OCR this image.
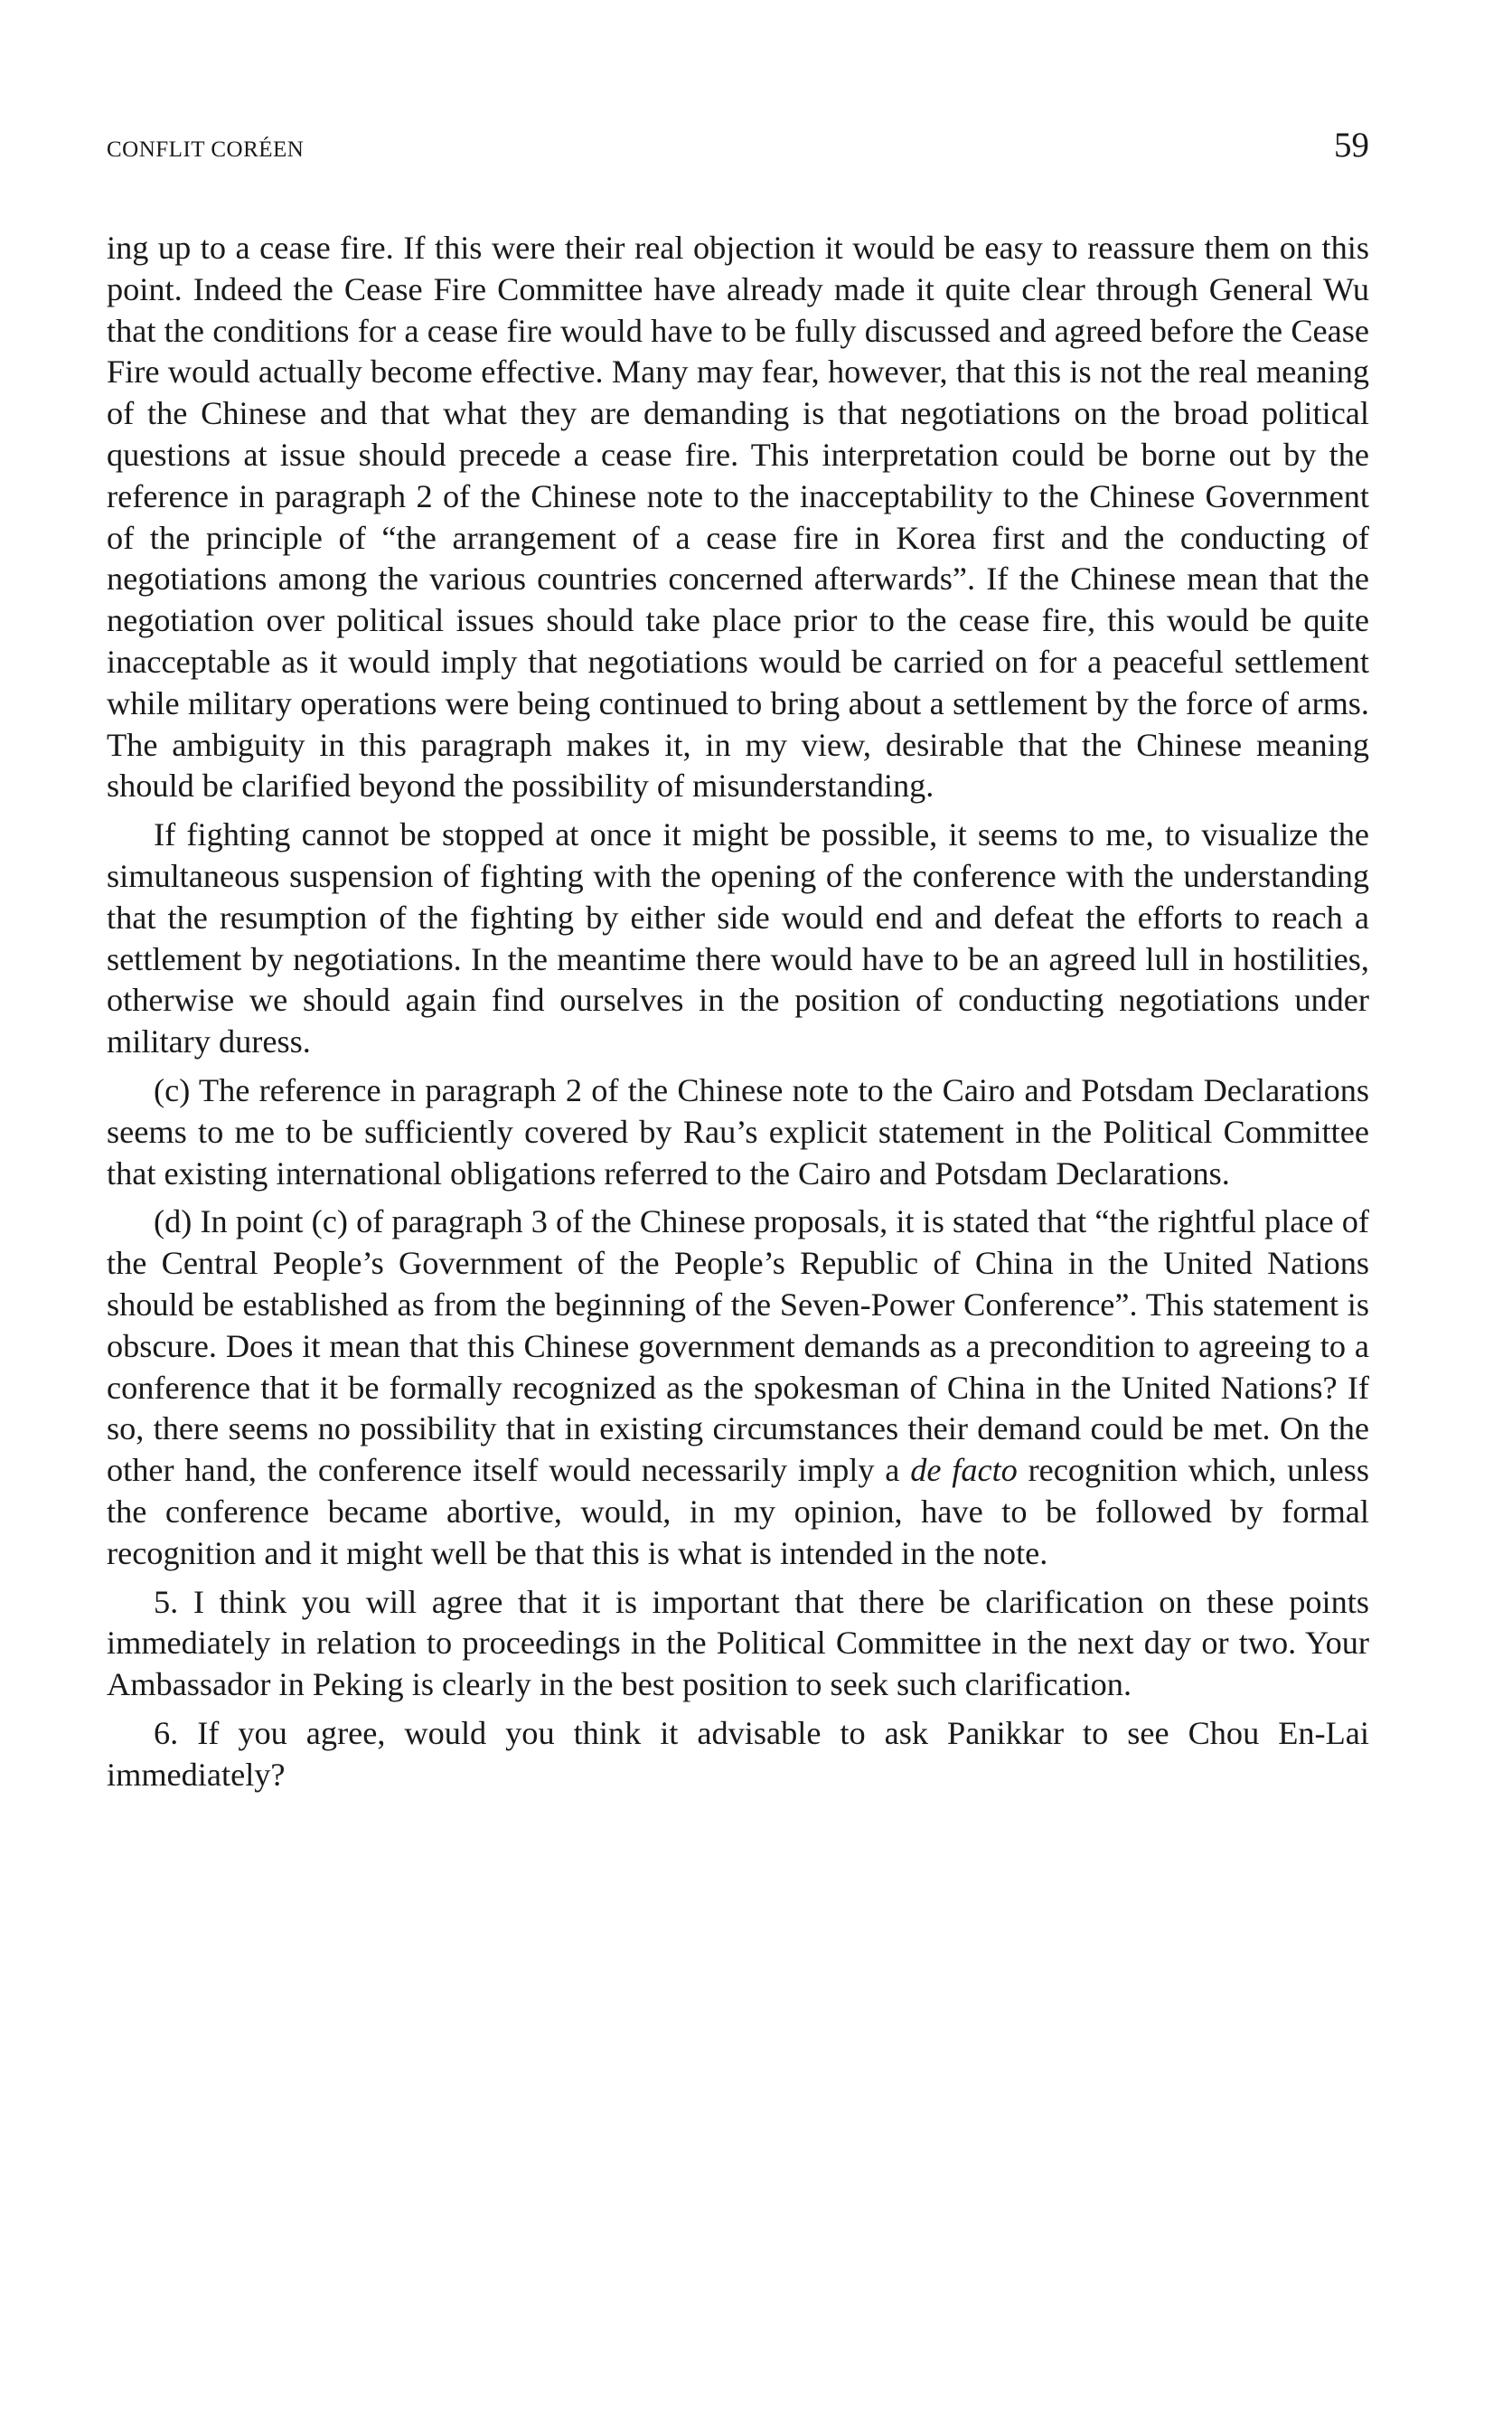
CONFLIT CORÉEN	59

ing up to a cease fire. If this were their real objection it would be easy to reassure them on this point. Indeed the Cease Fire Committee have already made it quite clear through General Wu that the conditions for a cease fire would have to be fully discussed and agreed before the Cease Fire would actually become effective. Many may fear, however, that this is not the real meaning of the Chinese and that what they are demanding is that negotiations on the broad political questions at issue should precede a cease fire. This interpretation could be borne out by the reference in paragraph 2 of the Chinese note to the inacceptability to the Chinese Government of the principle of “the arrangement of a cease fire in Korea first and the conducting of negotiations among the various countries concerned afterwards”. If the Chinese mean that the negotiation over political issues should take place prior to the cease fire, this would be quite inacceptable as it would imply that negotiations would be carried on for a peaceful settlement while military operations were being continued to bring about a settlement by the force of arms. The ambiguity in this paragraph makes it, in my view, desirable that the Chinese meaning should be clarified beyond the possibility of misunderstanding.

If fighting cannot be stopped at once it might be possible, it seems to me, to visualize the simultaneous suspension of fighting with the opening of the conference with the understanding that the resumption of the fighting by either side would end and defeat the efforts to reach a settlement by negotiations. In the meantime there would have to be an agreed lull in hostilities, otherwise we should again find ourselves in the position of conducting negotiations under military duress.

(c) The reference in paragraph 2 of the Chinese note to the Cairo and Potsdam Declarations seems to me to be sufficiently covered by Rau’s explicit statement in the Political Committee that existing international obligations referred to the Cairo and Potsdam Declarations.

(d) In point (c) of paragraph 3 of the Chinese proposals, it is stated that “the rightful place of the Central People’s Government of the People’s Republic of China in the United Nations should be established as from the beginning of the Seven-Power Conference”. This statement is obscure. Does it mean that this Chinese government demands as a precondition to agreeing to a conference that it be formally recognized as the spokesman of China in the United Nations? If so, there seems no possibility that in existing circumstances their demand could be met. On the other hand, the conference itself would necessarily imply a de facto recognition which, unless the conference became abortive, would, in my opinion, have to be followed by formal recognition and it might well be that this is what is intended in the note.

5. I think you will agree that it is important that there be clarification on these points immediately in relation to proceedings in the Political Committee in the next day or two. Your Ambassador in Peking is clearly in the best position to seek such clarification.

6. If you agree, would you think it advisable to ask Panikkar to see Chou En-Lai immediately?
